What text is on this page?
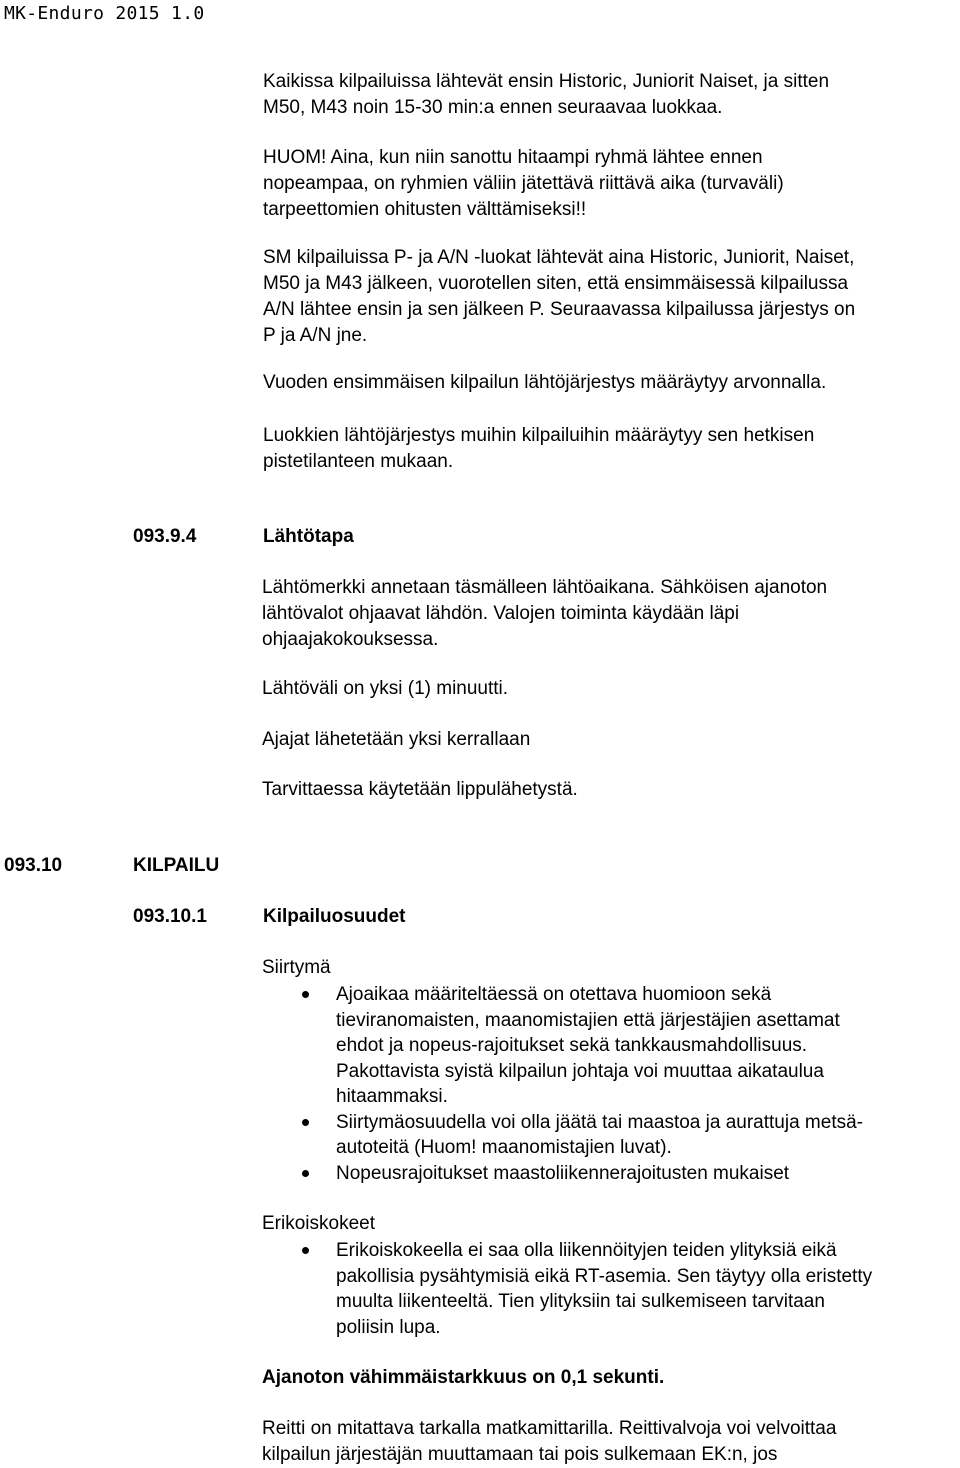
MK-Enduro 2015 1.0
Kaikissa kilpailuissa lähtevät ensin Historic, Juniorit Naiset, ja sitten
M50, M43 noin 15-30 min:a ennen seuraavaa luokkaa.
HUOM! Aina, kun niin sanottu hitaampi ryhmä lähtee ennen
nopeampaa, on ryhmien väliin jätettävä riittävä aika (turvaväli)
tarpeettomien ohitusten välttämiseksi!!
SM kilpailuissa P- ja A/N -luokat lähtevät aina Historic, Juniorit, Naiset,
M50 ja M43 jälkeen, vuorotellen siten, että ensimmäisessä kilpailussa
A/N lähtee ensin ja sen jälkeen P. Seuraavassa kilpailussa järjestys on
P ja A/N jne.
Vuoden ensimmäisen kilpailun lähtöjärjestys määräytyy arvonnalla.
Luokkien lähtöjärjestys muihin kilpailuihin määräytyy sen hetkisen
pistetilanteen mukaan.
093.9.4	Lähtötapa
Lähtömerkki annetaan täsmälleen lähtöaikana. Sähköisen ajanoton
lähtövalot ohjaavat lähdön. Valojen toiminta käydään läpi
ohjaajakokouksessa.
Lähtöväli on yksi (1) minuutti.
Ajajat lähetetään yksi kerrallaan
Tarvittaessa käytetään lippulähetystä.
093.10	KILPAILU
093.10.1	Kilpailuosuudet
Siirtymä
Ajoaikaa määriteltäessä on otettava huomioon sekä
tieviranomaisten, maanomistajien että järjestäjien asettamat
ehdot ja nopeus-rajoitukset sekä tankkausmahdollisuus.
Pakottavista syistä kilpailun johtaja voi muuttaa aikataulua
hitaammaksi.
Siirtymäosuudella voi olla jäätä tai maastoa ja aurattuja metsä-
autoteitä (Huom! maanomistajien luvat).
Nopeusrajoitukset maastoliikennerajoitusten mukaiset
Erikoiskokeet
Erikoiskokeella ei saa olla liikennöityjen teiden ylityksiä eikä
pakollisia pysähtymisiä eikä RT-asemia. Sen täytyy olla eristetty
muulta liikenteeltä. Tien ylityksiin tai sulkemiseen tarvitaan
poliisin lupa.
Ajanoton vähimmäistarkkuus on 0,1 sekunti.
Reitti on mitattava tarkalla matkamittarilla. Reittivalvoja voi velvoittaa
kilpailun järjestäjän muuttamaan tai pois sulkemaan EK:n, jos
